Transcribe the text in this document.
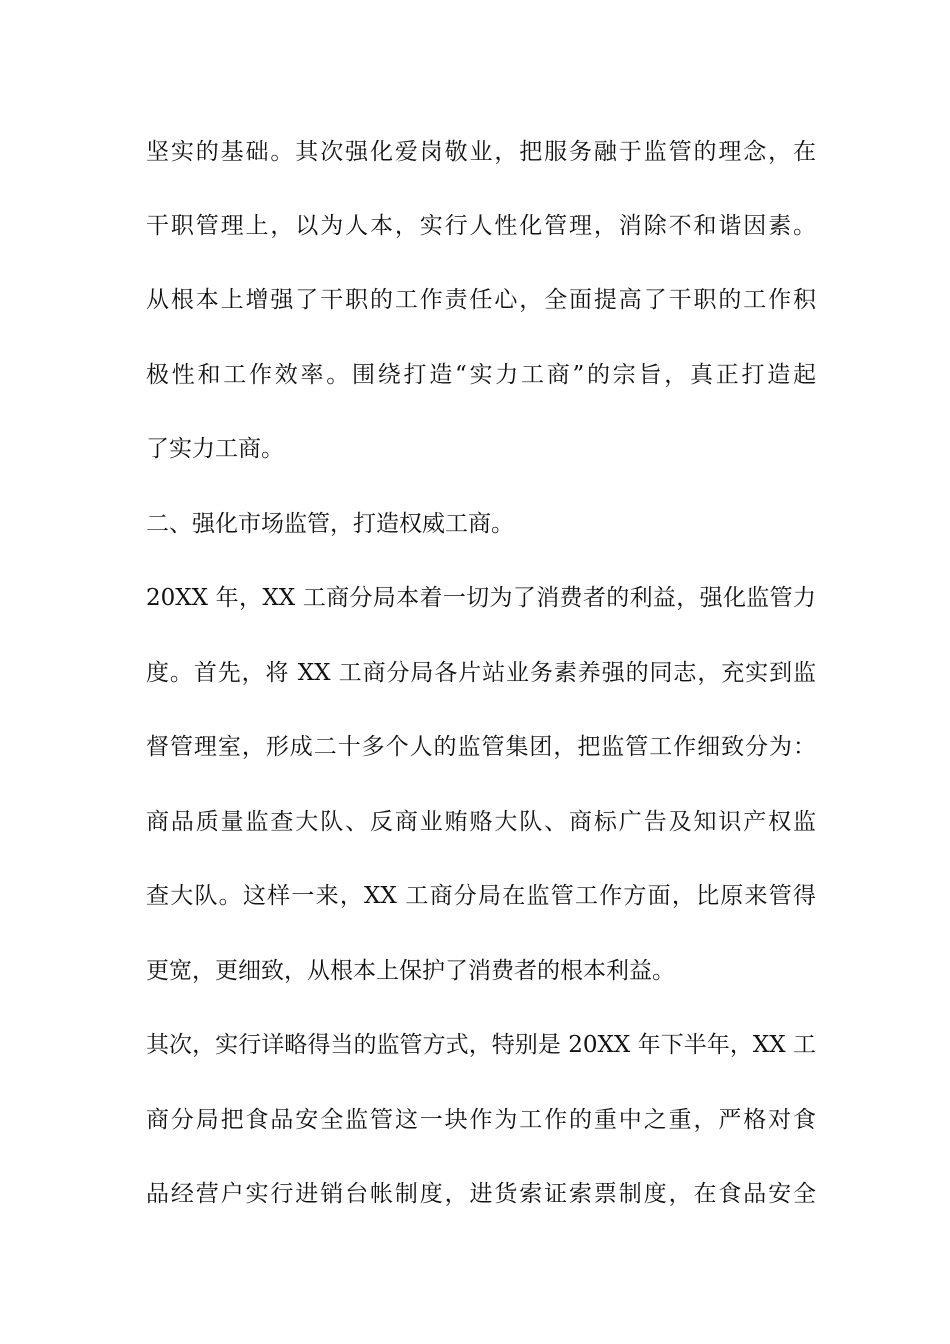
坚实的基础。其次强化爱岗敬业，把服务融于监管的理念，在
干职管理上，以为人本，实行人性化管理，消除不和谐因素。
从根本上增强了干职的工作责任心，全面提高了干职的工作积
极性和工作效率。围绕打造“实力工商”的宗旨，真正打造起
了实力工商。
二、强化市场监管，打造权威工商。
20XX 年，XX 工商分局本着一切为了消费者的利益，强化监管力
度。首先，将 XX 工商分局各片站业务素养强的同志，充实到监
督管理室，形成二十多个人的监管集团，把监管工作细致分为：
商品质量监查大队、反商业贿赂大队、商标广告及知识产权监
查大队。这样一来，XX 工商分局在监管工作方面，比原来管得
更宽，更细致，从根本上保护了消费者的根本利益。
其次，实行详略得当的监管方式，特别是 20XX 年下半年，XX 工
商分局把食品安全监管这一块作为工作的重中之重，严格对食
品经营户实行进销台帐制度，进货索证索票制度，在食品安全
